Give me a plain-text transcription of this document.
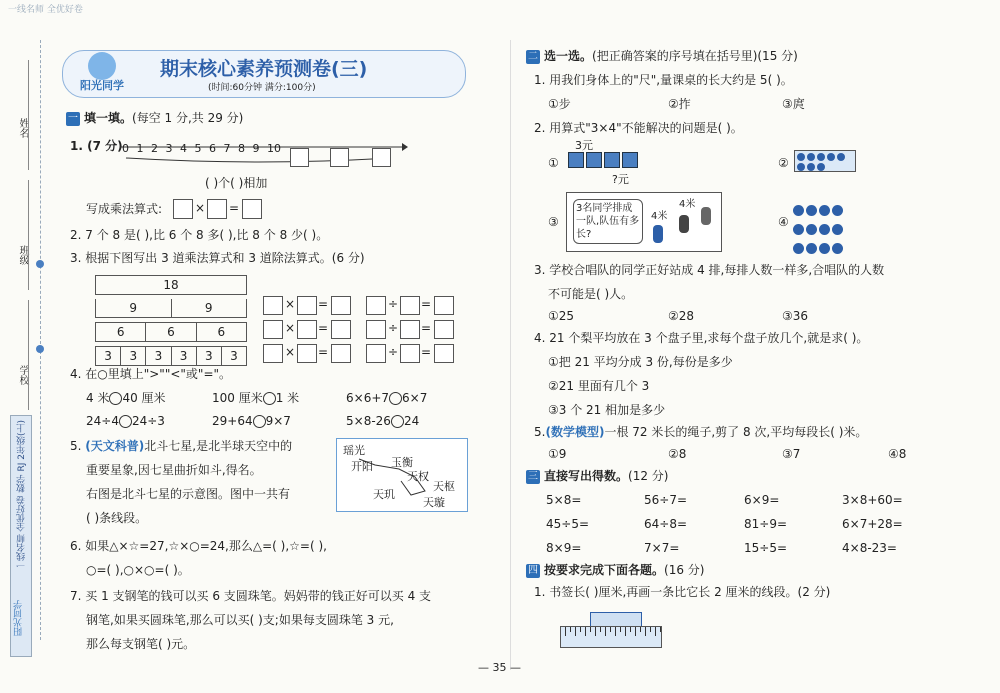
一线名师 全优好卷
姓名
班级
学校
一线名师 全优好卷 数学 RJ 2年级(上)
阳光同学
阳光同学
期末核心素养预测卷(三)
(时间:60分钟 满分:100分)
一 填一填。(每空 1 分,共 29 分)
1. (7 分) 0 1 2 3 4 5 6 7 8 9 10
( )个( )相加
写成乘法算式:	× =
2. 7 个 8 是( ),比 6 个 8 多( ),比 8 个 8 少( )。
3. 根据下图写出 3 道乘法算式和 3 道除法算式。(6 分)
18
9	9
6	6	6
3	3	3	3	3	3
× =	÷ =
× =	÷ =
× =	÷ =
4. 在○里填上">""<"或"="。
4 米 40 厘米	100 厘米 1 米	6×6+7 6×7
24÷4 24÷3	29+64 9×7	5×8-26 24
5. (天文科普)北斗七星,是北半球天空中的
重要星象,因七星曲折如斗,得名。
右图是北斗七星的示意图。图中一共有
( )条线段。
瑶光
开阳 玉衡
天权
天枢
天玑
天璇
6. 如果△×☆=27,☆×○=24,那么△=( ),☆=( ),
○=( ),○×○=( )。
7. 买 1 支钢笔的钱可以买 6 支圆珠笔。妈妈带的钱正好可以买 4 支
钢笔,如果买圆珠笔,那么可以买( )支;如果每支圆珠笔 3 元,
那么每支钢笔( )元。
二 选一选。(把正确答案的序号填在括号里)(15 分)
1. 用我们身体上的"尺",量课桌的长大约是 5( )。
①步	②拃	③庹
2. 用算式"3×4"不能解决的问题是( )。
①
3元
?元
②
③
3名同学排成一队,队伍有多长?
4米
4米
④

3. 学校合唱队的同学正好站成 4 排,每排人数一样多,合唱队的人数
不可能是( )人。
①25	②28	③36
4. 21 个梨平均放在 3 个盘子里,求每个盘子放几个,就是求( )。
①把 21 平均分成 3 份,每份是多少
②21 里面有几个 3
③3 个 21 相加是多少
5.(数学模型)一根 72 米长的绳子,剪了 8 次,平均每段长( )米。
①9	②8	③7	④8
三 直接写出得数。(12 分)
5×8=	56÷7=	6×9=	3×8+60=
45÷5=	64÷8=	81÷9=	6×7+28=
8×9=	7×7=	15÷5=	4×8-23=
四 按要求完成下面各题。(16 分)
1. 书签长( )厘米,再画一条比它长 2 厘米的线段。(2 分)
— 35 —
